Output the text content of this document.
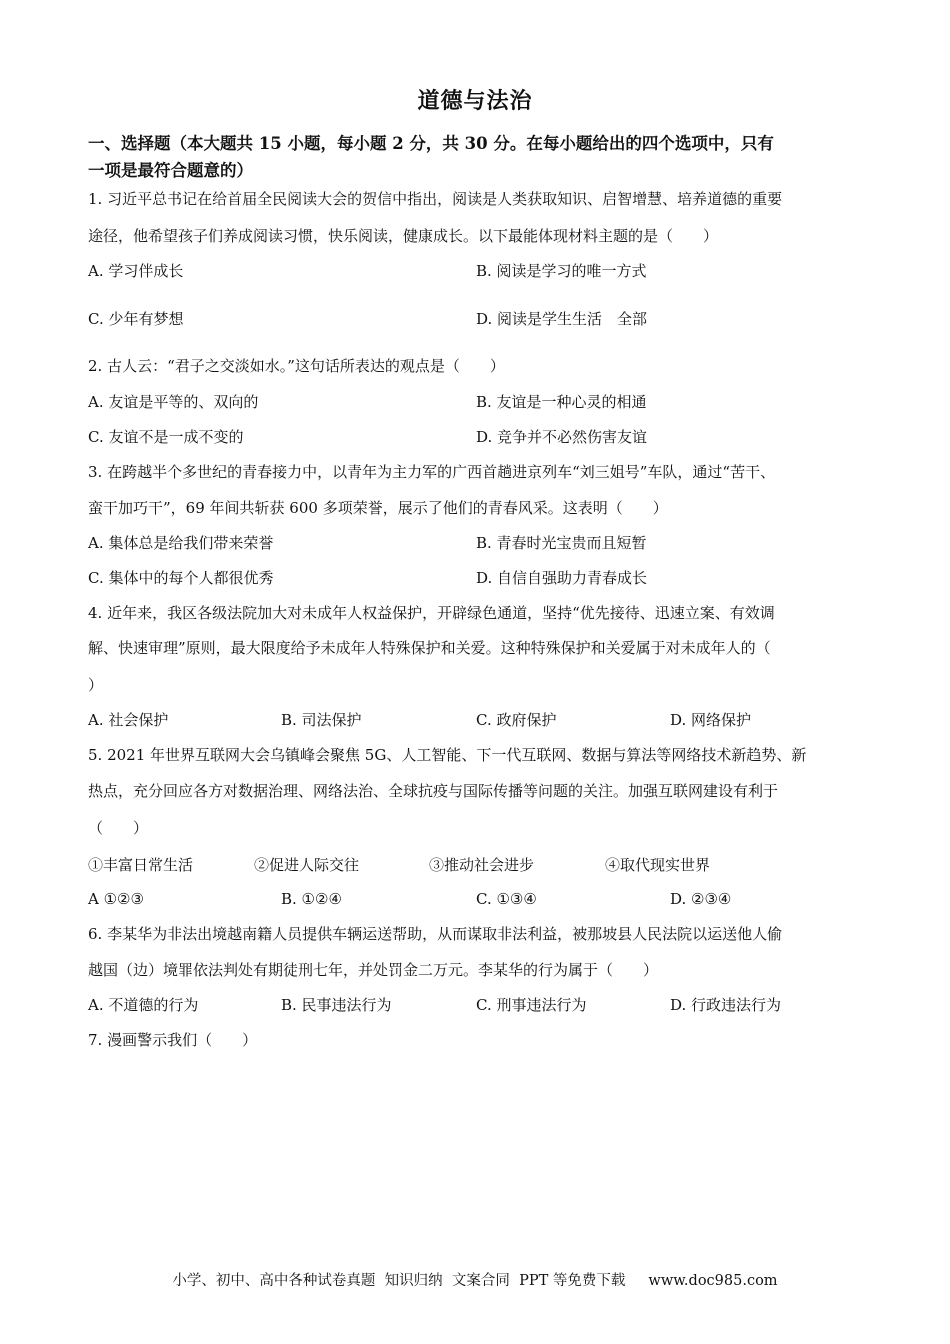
道德与法治
一、选择题（本大题共 15 小题，每小题 2 分，共 30 分。在每小题给出的四个选项中，只有
一项是最符合题意的）
1. 习近平总书记在给首届全民阅读大会的贺信中指出，阅读是人类获取知识、启智增慧、培养道德的重要
途径，他希望孩子们养成阅读习惯，快乐阅读，健康成长。以下最能体现材料主题的是（　　）
A. 学习伴成长	B. 阅读是学习的唯一方式
C. 少年有梦想	D. 阅读是学生生活　全部
2. 古人云：“君子之交淡如水。”这句话所表达的观点是（　　）
A. 友谊是平等的、双向的	B. 友谊是一种心灵的相通
C. 友谊不是一成不变的	D. 竞争并不必然伤害友谊
3. 在跨越半个多世纪的青春接力中，以青年为主力军的广西首趟进京列车“刘三姐号”车队，通过“苦干、
蛮干加巧干”，69 年间共斩获 600 多项荣誉，展示了他们的青春风采。这表明（　　）
A. 集体总是给我们带来荣誉	B. 青春时光宝贵而且短暂
C. 集体中的每个人都很优秀	D. 自信自强助力青春成长
4. 近年来，我区各级法院加大对未成年人权益保护，开辟绿色通道，坚持“优先接待、迅速立案、有效调
解、快速审理”原则，最大限度给予未成年人特殊保护和关爱。这种特殊保护和关爱属于对未成年人的（
）
A. 社会保护	B. 司法保护	C. 政府保护	D. 网络保护
5. 2021 年世界互联网大会乌镇峰会聚焦 5G、人工智能、下一代互联网、数据与算法等网络技术新趋势、新
热点，充分回应各方对数据治理、网络法治、全球抗疫与国际传播等问题的关注。加强互联网建设有利于
（　　）
①丰富日常生活	②促进人际交往	③推动社会进步	④取代现实世界
A ①②③	B. ①②④	C. ①③④	D. ②③④
6. 李某华为非法出境越南籍人员提供车辆运送帮助，从而谋取非法利益，被那坡县人民法院以运送他人偷
越国（边）境罪依法判处有期徒刑七年，并处罚金二万元。李某华的行为属于（　　）
A. 不道德的行为	B. 民事违法行为	C. 刑事违法行为	D. 行政违法行为
7. 漫画警示我们（　　）
小学、初中、高中各种试卷真题  知识归纳  文案合同  PPT 等免费下载     www.doc985.com
